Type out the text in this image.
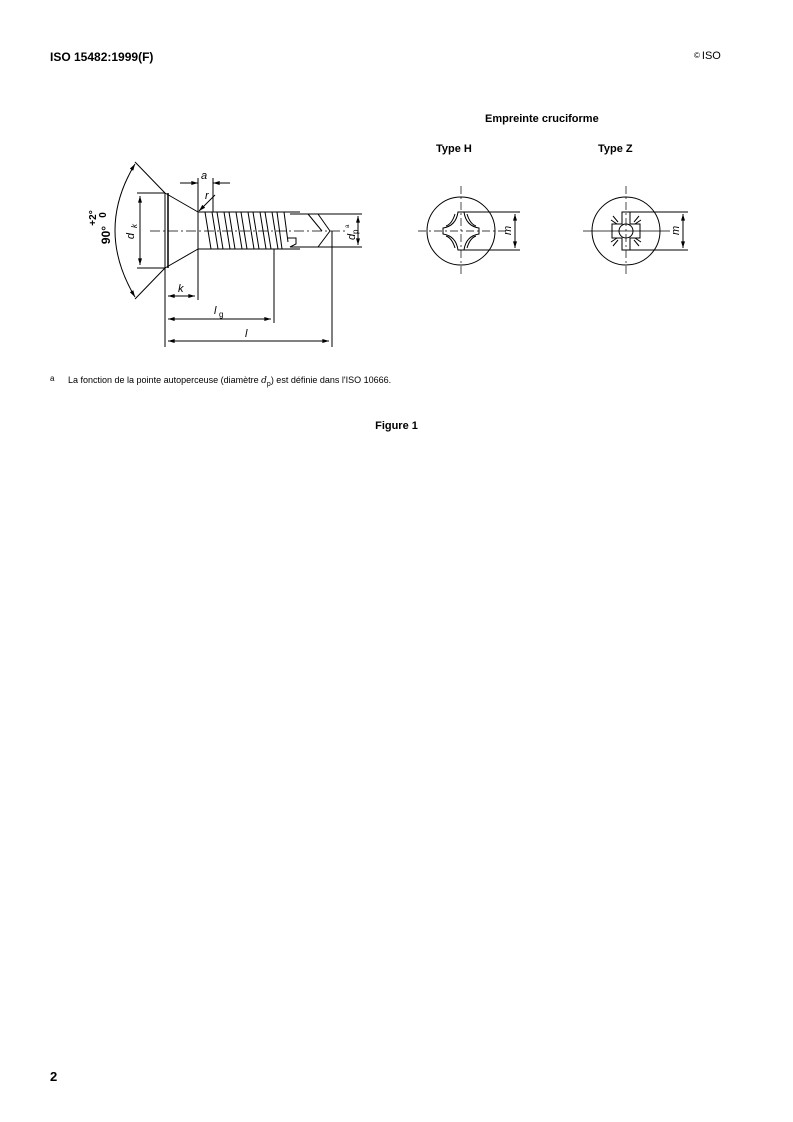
ISO 15482:1999(F)	© ISO
Empreinte cruciforme
Type H	Type Z
90°
+2° 0
d
k
a
r
k
l g
l
d
p
a	m	m
a La fonction de la pointe autoperceuse (diamètre $d_p$) est définie dans l'ISO 10666.
Figure 1
2
